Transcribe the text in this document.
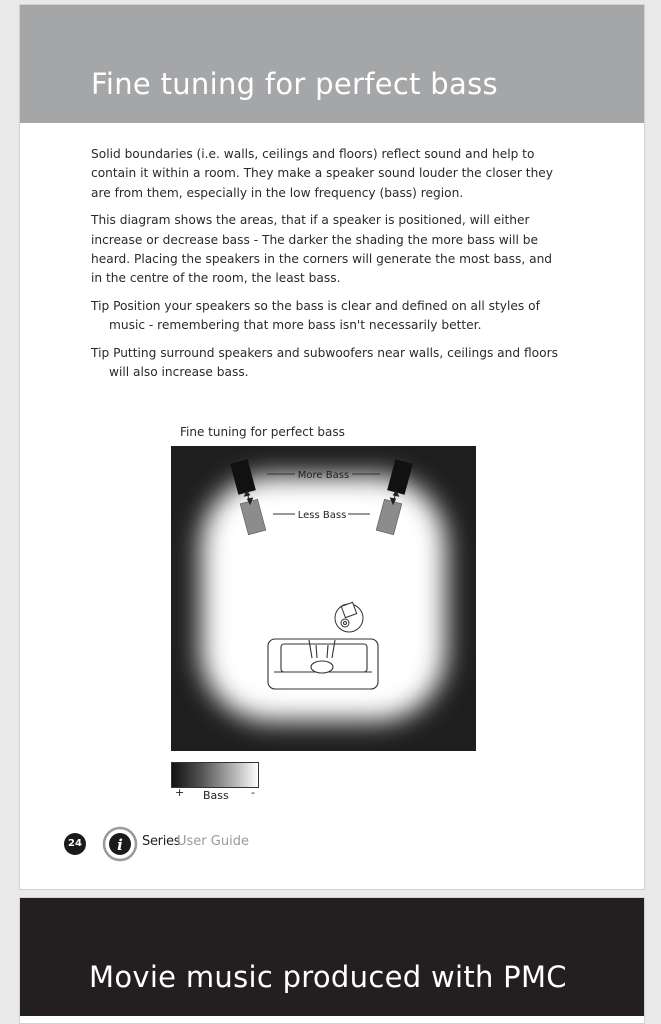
Fine tuning for perfect bass

Solid boundaries (i.e. walls, ceilings and floors) reflect sound and help to contain it within a room. They make a speaker sound louder the closer they are from them, especially in the low frequency (bass) region.

This diagram shows the areas, that if a speaker is positioned, will either increase or decrease bass - The darker the shading the more bass will be heard. Placing the speakers in the corners will generate the most bass, and in the centre of the room, the least bass.

Tip Position your speakers so the bass is clear and defined on all styles of music - remembering that more bass isn't necessarily better.

Tip Putting surround speakers and subwoofers near walls, ceilings and floors will also increase bass.

Fine tuning for perfect bass
More Bass
Less Bass
+ Bass -
24 i Series
User Guide
Movie music produced with PMC
